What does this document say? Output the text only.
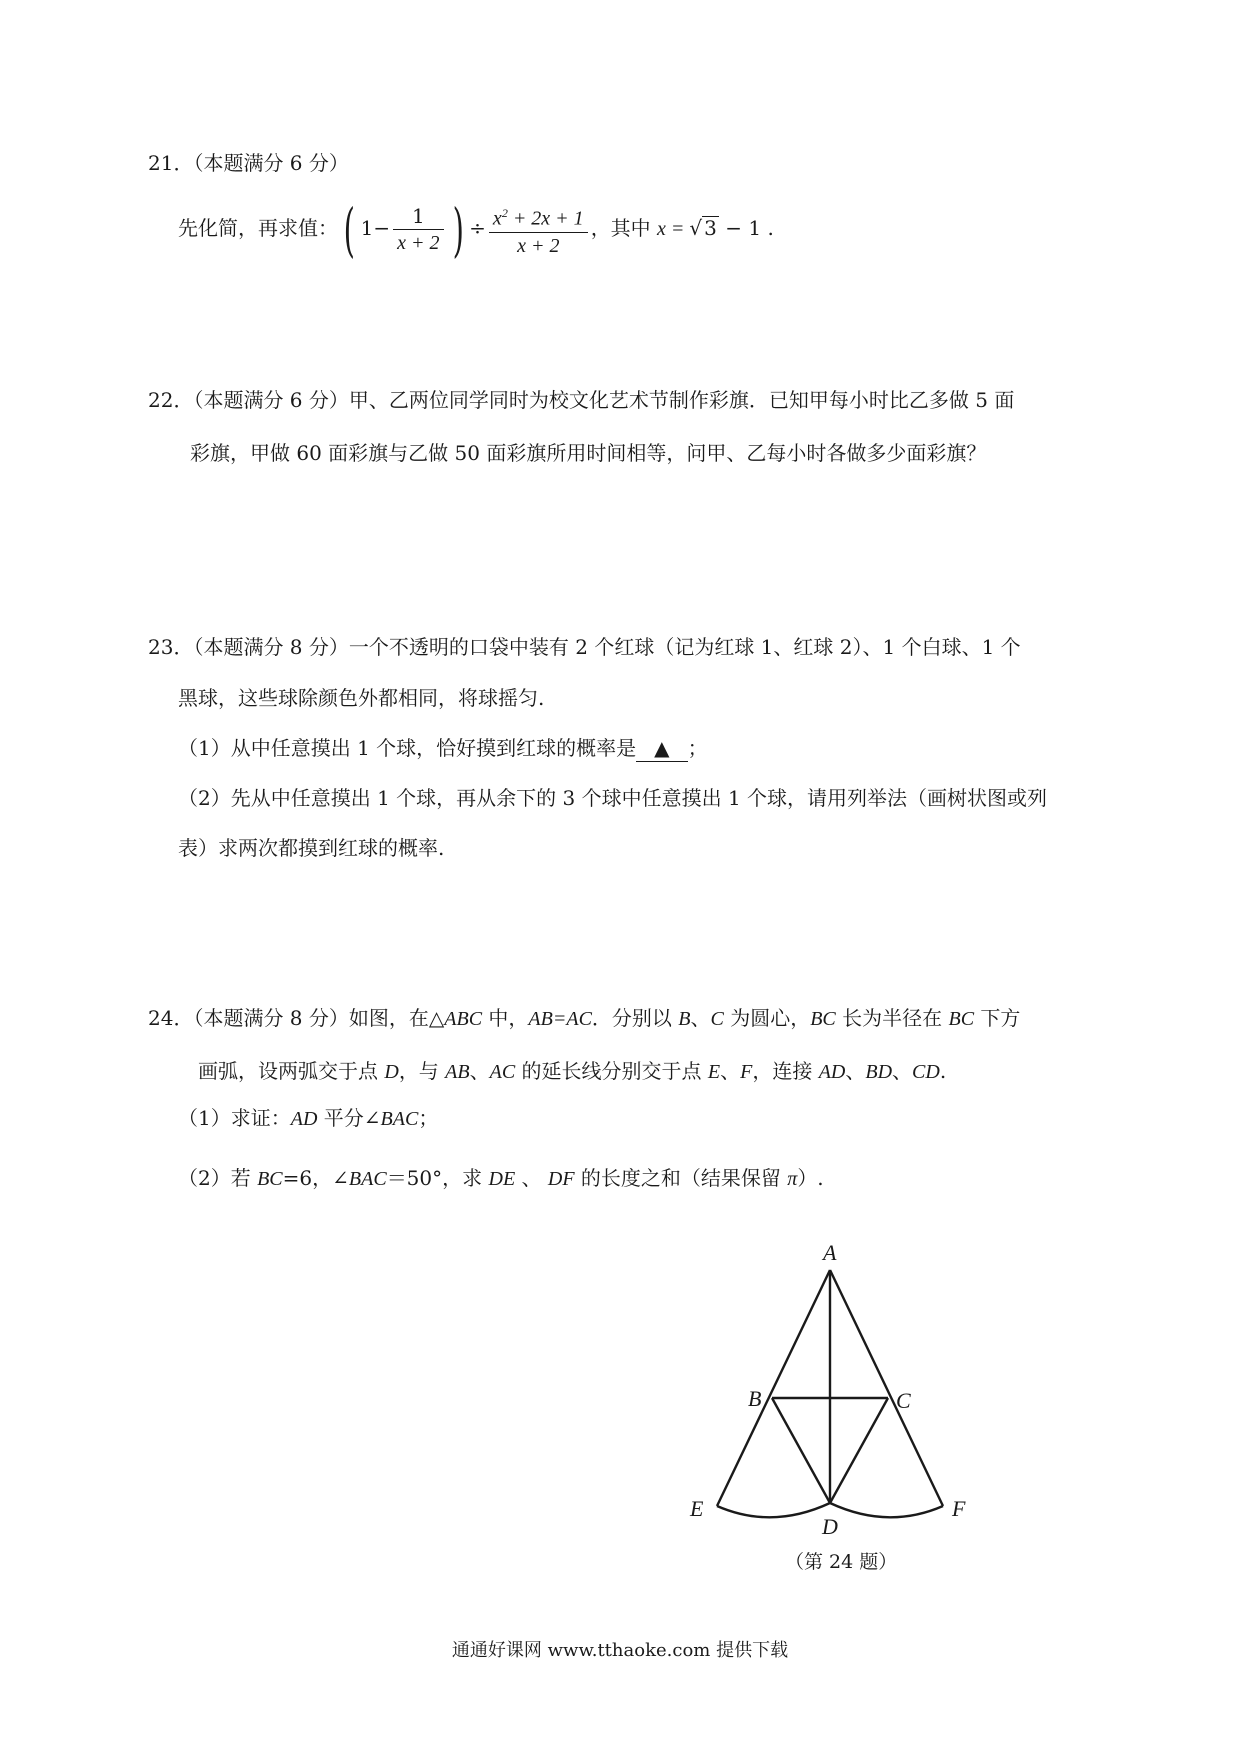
21．（本题满分 6 分）
先化简，再求值：( $1- \frac{1}{x + 2}$ ) ÷ $\frac{x^2 + 2x + 1}{x + 2}$ ，其中 x = √ 3 − 1 .
22．（本题满分 6 分）甲、乙两位同学同时为校文化艺术节制作彩旗．已知甲每小时比乙多做 5 面
彩旗，甲做 60 面彩旗与乙做 50 面彩旗所用时间相等，问甲、乙每小时各做多少面彩旗？
23．（本题满分 8 分）一个不透明的口袋中装有 2 个红球（记为红球 1、红球 2）、1 个白球、1 个
黑球，这些球除颜色外都相同，将球摇匀.
（1）从中任意摸出 1 个球，恰好摸到红球的概率是 ▲ ；
（2）先从中任意摸出 1 个球，再从余下的 3 个球中任意摸出 1 个球，请用列举法（画树状图或列
表）求两次都摸到红球的概率.
24．（本题满分 8 分）如图，在△ABC 中，AB=AC．分别以 B、C 为圆心，BC 长为半径在 BC 下方
画弧，设两弧交于点 D，与 AB、AC 的延长线分别交于点 E、F，连接 AD、BD、CD.
（1）求证：AD 平分∠BAC；
（2）若 BC=6，∠BAC＝50°，求 DE 、 DF 的长度之和（结果保留 π）.
A
B	C
D
E	F
（第 24 题）
通通好课网 www.tthaoke.com 提供下载
